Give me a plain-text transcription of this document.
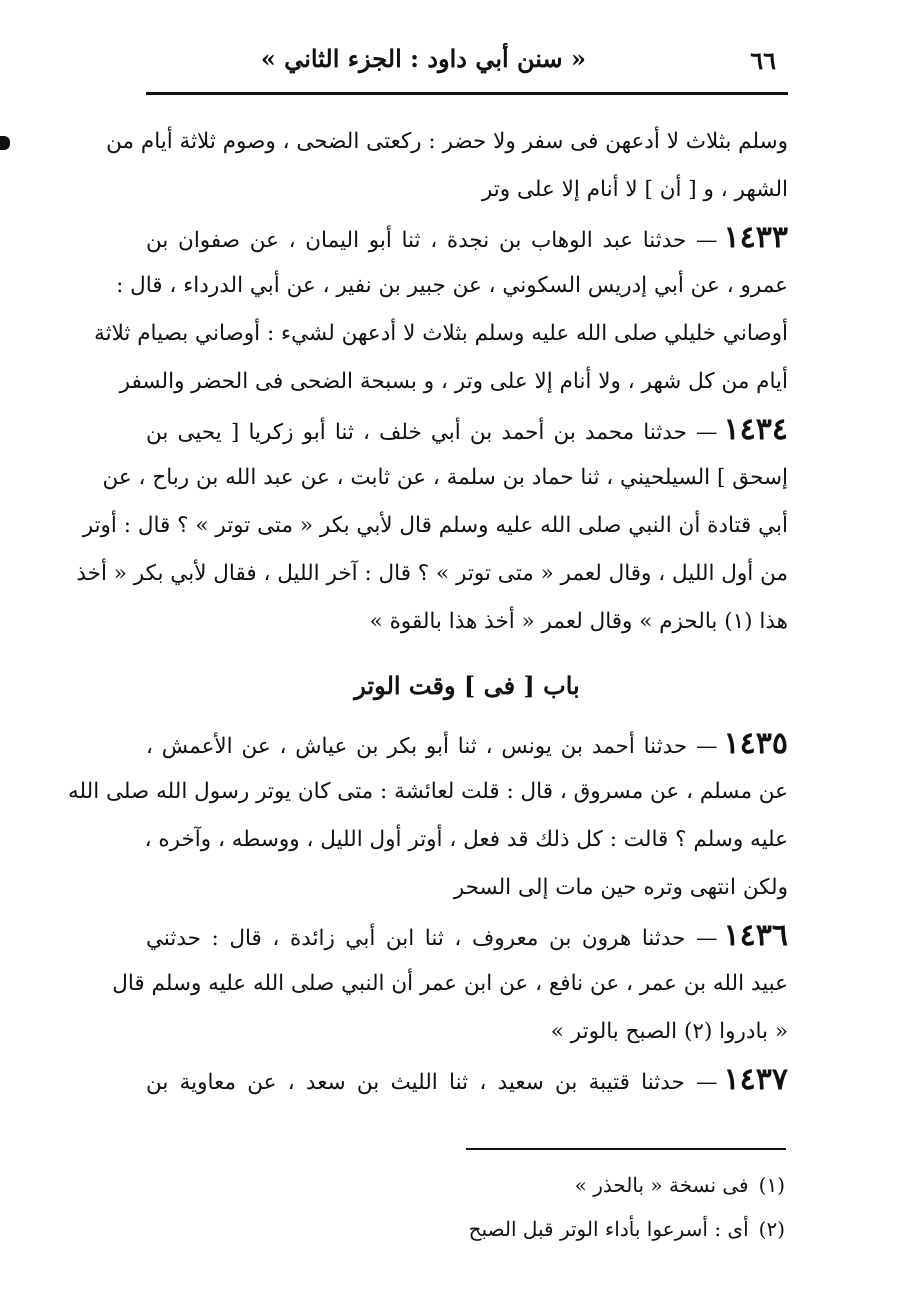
٦٦
« سنن أبي داود : الجزء الثاني »
وسلم بثلاث لا أدعهن فى سفر ولا حضر : ركعتى الضحى ، وصوم ثلاثة أيام من
الشهر ، و [ أن ] لا أنام إلا على وتر
١٤٣٣— حدثنا عبد الوهاب بن نجدة ، ثنا أبو اليمان ، عن صفوان بن
عمرو ، عن أبي إدريس السكوني ، عن جبير بن نفير ، عن أبي الدرداء ، قال :
أوصاني خليلي صلى الله عليه وسلم بثلاث لا أدعهن لشيء : أوصاني بصيام ثلاثة
أيام من كل شهر ، ولا أنام إلا على وتر ، و بسبحة الضحى فى الحضر والسفر
١٤٣٤— حدثنا محمد بن أحمد بن أبي خلف ، ثنا أبو زكريا [ يحيى بن
إسحق ] السيلحيني ، ثنا حماد بن سلمة ، عن ثابت ، عن عبد الله بن رباح ، عن
أبي قتادة أن النبي صلى الله عليه وسلم قال لأبي بكر « متى توتر » ؟ قال : أوتر
من أول الليل ، وقال لعمر « متى توتر » ؟ قال : آخر الليل ، فقال لأبي بكر « أخذ
هذا (١) بالحزم » وقال لعمر « أخذ هذا بالقوة »
باب [ فى ] وقت الوتر
١٤٣٥— حدثنا أحمد بن يونس ، ثنا أبو بكر بن عياش ، عن الأعمش ،
عن مسلم ، عن مسروق ، قال : قلت لعائشة : متى كان يوتر رسول الله صلى الله
عليه وسلم ؟ قالت : كل ذلك قد فعل ، أوتر أول الليل ، ووسطه ، وآخره ،
ولكن انتهى وتره حين مات إلى السحر
١٤٣٦— حدثنا هرون بن معروف ، ثنا ابن أبي زائدة ، قال : حدثني
عبيد الله بن عمر ، عن نافع ، عن ابن عمر أن النبي صلى الله عليه وسلم قال
« بادروا (٢) الصبح بالوتر »
١٤٣٧— حدثنا قتيبة بن سعيد ، ثنا الليث بن سعد ، عن معاوية بن
(١)فى نسخة « بالحذر »
(٢)أى : أسرعوا بأداء الوتر قبل الصبح
